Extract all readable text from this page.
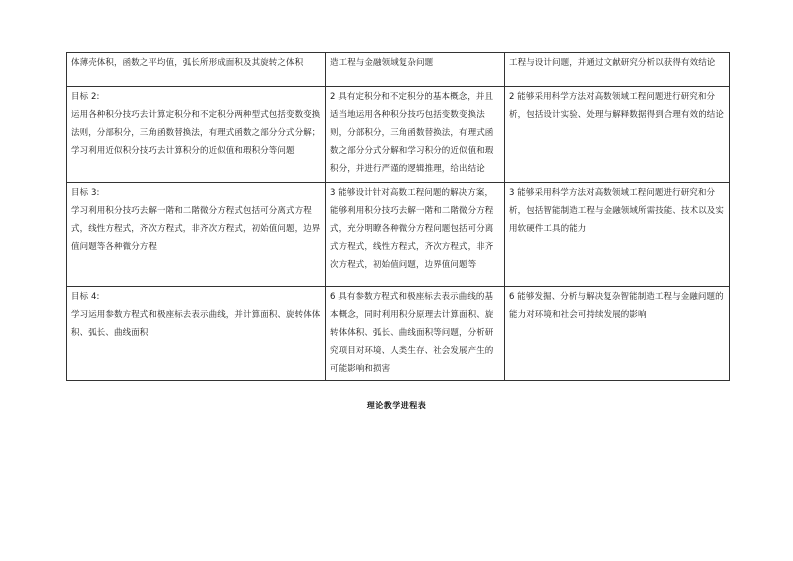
体薄壳体积，函数之平均值，弧长所形成面积及其旋转之体积	造工程与金融领域复杂问题	工程与设计问题，并通过文献研究分析以获得有效结论

目标 2:
运用各种积分技巧去计算定积分和不定积分两种型式包括变数变换法则，分部积分，三角函数替换法，有理式函数之部分分式分解；学习利用近似积分技巧去计算积分的近似值和瑕积分等问题	2 具有定积分和不定积分的基本概念，并且适当地运用各种积分技巧包括变数变换法则，分部积分，三角函数替换法，有理式函数之部分分式分解和学习积分的近似值和瑕积分，并进行严谨的逻辑推理，给出结论	2 能够采用科学方法对高数领域工程问题进行研究和分析，包括设计实验、处理与解释数据得到合理有效的结论

目标 3:
学习利用积分技巧去解一階和二階微分方程式包括可分离式方程式，线性方程式，齐次方程式，非齐次方程式，初始值问题，边界值问题等各种微分方程	3 能够设计针对高数工程问题的解决方案，能够利用积分技巧去解一階和二階微分方程式，充分明瞭各种微分方程问题包括可分离式方程式，线性方程式，齐次方程式，非齐次方程式，初始值问题，边界值问题等	3 能够采用科学方法对高数领域工程问题进行研究和分析，包括智能制造工程与金融领域所需技能、技术以及实用软硬件工具的能力

目标 4:
学习运用参数方程式和极座标去表示曲线，并计算面积、旋转体体积、弧长、曲线面积	6 具有参数方程式和极座标去表示曲线的基本概念，同时利用积分原理去计算面积、旋转体体积、弧长、曲线面积等问题，分析研究项目对环境、人类生存、社会发展产生的可能影响和损害	6 能够发掘、分析与解决复杂智能制造工程与金融问题的能力对环境和社会可持续发展的影响
理论教学进程表
